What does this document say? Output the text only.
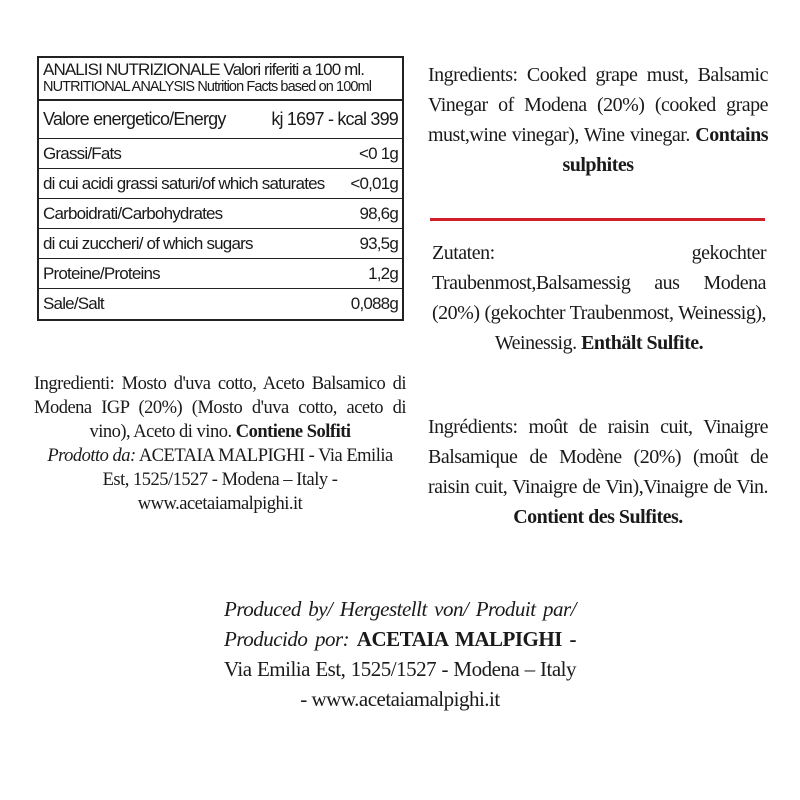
ANALISI NUTRIZIONALE Valori riferiti a 100 ml.
NUTRITIONAL ANALYSIS Nutrition Facts based on 100ml
Valore energetico/Energy	kj 1697 - kcal 399
Grassi/Fats	<0 1g
di cui acidi grassi saturi/of which saturates <0,01g
Carboidrati/Carbohydrates	98,6g
di cui zuccheri/ of which sugars	93,5g
Proteine/Proteins	1,2g
Sale/Salt	0,088g

Ingredienti: Mosto d'uva cotto, Aceto Balsamico di Modena IGP (20%) (Mosto d'uva cotto, aceto di vino), Aceto di vino. Contiene Solfiti

Prodotto da: ACETAIA MALPIGHI - Via Emilia Est, 1525/1527 - Modena – Italy - www.acetaiamalpighi.it

Ingredients: Cooked grape must, Balsamic Vinegar of Modena (20%) (cooked grape must,wine vinegar), Wine vinegar. Contains sulphites
Zutaten: gekochter Traubenmost,Balsamessig aus Modena (20%) (gekochter Traubenmost, Weinessig), Weinessig. Enthält Sulfite.
Ingrédients: moût de raisin cuit, Vinaigre Balsamique de Modène (20%) (moût de raisin cuit, Vinaigre de Vin),Vinaigre de Vin. Contient des Sulfites.
Produced by/ Hergestellt von/ Produit par/ Producido por: ACETAIA MALPIGHI - Via Emilia Est, 1525/1527 - Modena – Italy - www.acetaiamalpighi.it
